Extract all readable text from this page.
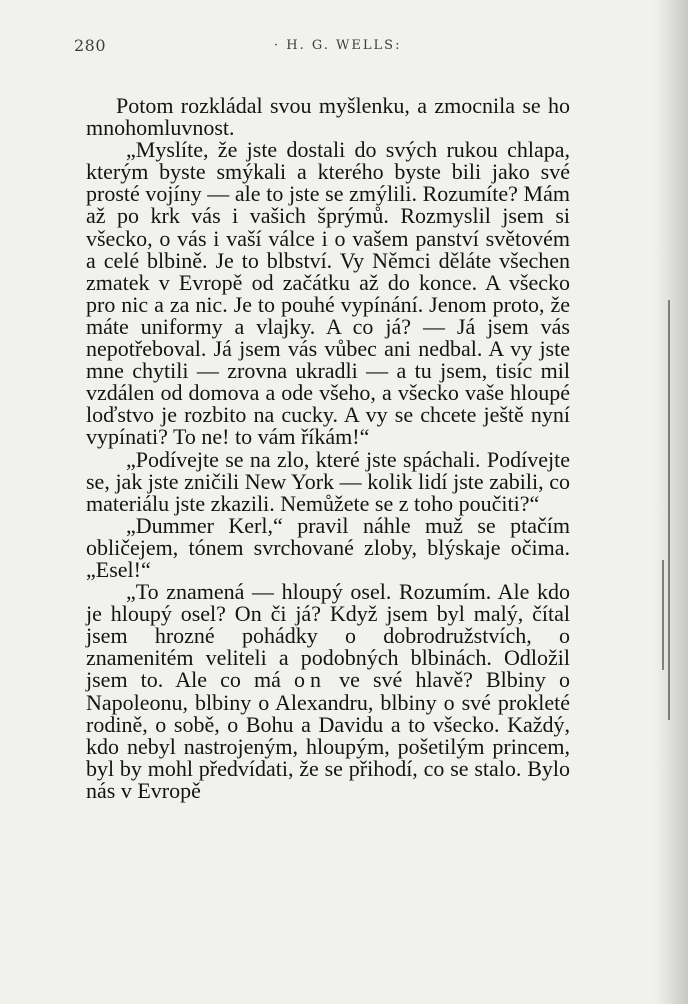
280	· H. G. WELLS:

Potom rozkládal svou myšlenku, a zmocnila se ho mnohomluvnost.

„Myslíte, že jste dostali do svých rukou chlapa, kterým byste smýkali a kterého byste bili jako své prosté vojíny — ale to jste se zmýlili. Rozumíte? Mám až po krk vás i vašich šprýmů. Rozmyslil jsem si všecko, o vás i vaší válce i o vašem panství světovém a celé blbině. Je to blbství. Vy Němci děláte všechen zmatek v Evropě od začátku až do konce. A všecko pro nic a za nic. Je to pouhé vypínání. Jenom proto, že máte uniformy a vlajky. A co já? — Já jsem vás nepotřeboval. Já jsem vás vůbec ani nedbal. A vy jste mne chytili — zrovna ukradli — a tu jsem, tisíc mil vzdálen od domova a ode všeho, a všecko vaše hloupé loďstvo je rozbito na cucky. A vy se chcete ještě nyní vypínati? To ne! to vám říkám!“

„Podívejte se na zlo, které jste spáchali. Podívejte se, jak jste zničili New York — kolik lidí jste zabili, co materiálu jste zkazili. Nemůžete se z toho poučiti?“

„Dummer Kerl,“ pravil náhle muž se ptačím obličejem, tónem svrchované zloby, blýskaje očima. „Esel!“

„To znamená — hloupý osel. Rozumím. Ale kdo je hloupý osel? On či já? Když jsem byl malý, čítal jsem hrozné pohádky o dobrodružstvích, o znamenitém veliteli a podobných blbinách. Odložil jsem to. Ale co má on ve své hlavě? Blbiny o Napoleonu, blbiny o Alexandru, blbiny o své prokleté rodině, o sobě, o Bohu a Davidu a to všecko. Každý, kdo nebyl nastrojeným, hloupým, pošetilým princem, byl by mohl předvídati, že se přihodí, co se stalo. Bylo nás v Evropě
